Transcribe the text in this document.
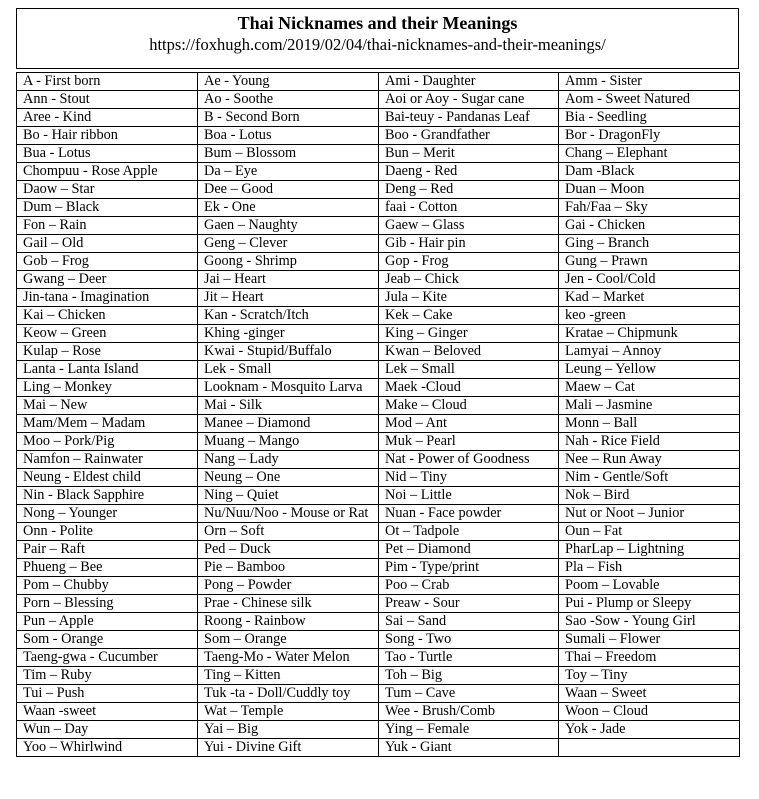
Thai Nicknames and their Meanings
https://foxhugh.com/2019/02/04/thai-nicknames-and-their-meanings/
A - First born	Ae - Young	Ami - Daughter	Amm - Sister
Ann - Stout	Ao - Soothe	Aoi or Aoy - Sugar cane	Aom - Sweet Natured
Aree - Kind	B - Second Born	Bai-teuy - Pandanas Leaf	Bia - Seedling
Bo - Hair ribbon	Boa - Lotus	Boo - Grandfather	Bor - DragonFly
Bua - Lotus	Bum – Blossom	Bun – Merit	Chang – Elephant
Chompuu - Rose Apple	Da – Eye	Daeng - Red	Dam -Black
Daow – Star	Dee – Good	Deng – Red	Duan – Moon
Dum – Black	Ek - One	faai - Cotton	Fah/Faa – Sky
Fon – Rain	Gaen – Naughty	Gaew – Glass	Gai - Chicken
Gail – Old	Geng – Clever	Gib - Hair pin	Ging – Branch
Gob – Frog	Goong - Shrimp	Gop - Frog	Gung – Prawn
Gwang – Deer	Jai – Heart	Jeab – Chick	Jen - Cool/Cold
Jin-tana - Imagination	Jit – Heart	Jula – Kite	Kad – Market
Kai – Chicken	Kan - Scratch/Itch	Kek – Cake	keo -green
Keow – Green	Khing -ginger	King – Ginger	Kratae – Chipmunk
Kulap – Rose	Kwai - Stupid/Buffalo	Kwan – Beloved	Lamyai – Annoy
Lanta - Lanta Island	Lek - Small	Lek – Small	Leung – Yellow
Ling – Monkey	Looknam - Mosquito Larva	Maek -Cloud	Maew – Cat
Mai – New	Mai - Silk	Make – Cloud	Mali – Jasmine
Mam/Mem – Madam	Manee – Diamond	Mod – Ant	Monn – Ball
Moo – Pork/Pig	Muang – Mango	Muk – Pearl	Nah - Rice Field
Namfon – Rainwater	Nang – Lady	Nat - Power of Goodness	Nee – Run Away
Neung - Eldest child	Neung – One	Nid – Tiny	Nim - Gentle/Soft
Nin - Black Sapphire	Ning – Quiet	Noi – Little	Nok – Bird
Nong – Younger	Nu/Nuu/Noo - Mouse or Rat	Nuan - Face powder	Nut or Noot – Junior
Onn - Polite	Orn – Soft	Ot – Tadpole	Oun – Fat
Pair – Raft	Ped – Duck	Pet – Diamond	PharLap – Lightning
Phueng – Bee	Pie – Bamboo	Pim - Type/print	Pla – Fish
Pom – Chubby	Pong – Powder	Poo – Crab	Poom – Lovable
Porn – Blessing	Prae - Chinese silk	Preaw - Sour	Pui - Plump or Sleepy
Pun – Apple	Roong - Rainbow	Sai – Sand	Sao -Sow - Young Girl
Som - Orange	Som – Orange	Song - Two	Sumali – Flower
Taeng-gwa - Cucumber	Taeng-Mo - Water Melon	Tao - Turtle	Thai – Freedom
Tim – Ruby	Ting – Kitten	Toh – Big	Toy – Tiny
Tui – Push	Tuk -ta - Doll/Cuddly toy	Tum – Cave	Waan – Sweet
Waan -sweet	Wat – Temple	Wee - Brush/Comb	Woon – Cloud
Wun – Day	Yai – Big	Ying – Female	Yok - Jade
Yoo – Whirlwind	Yui - Divine Gift	Yuk - Giant	
